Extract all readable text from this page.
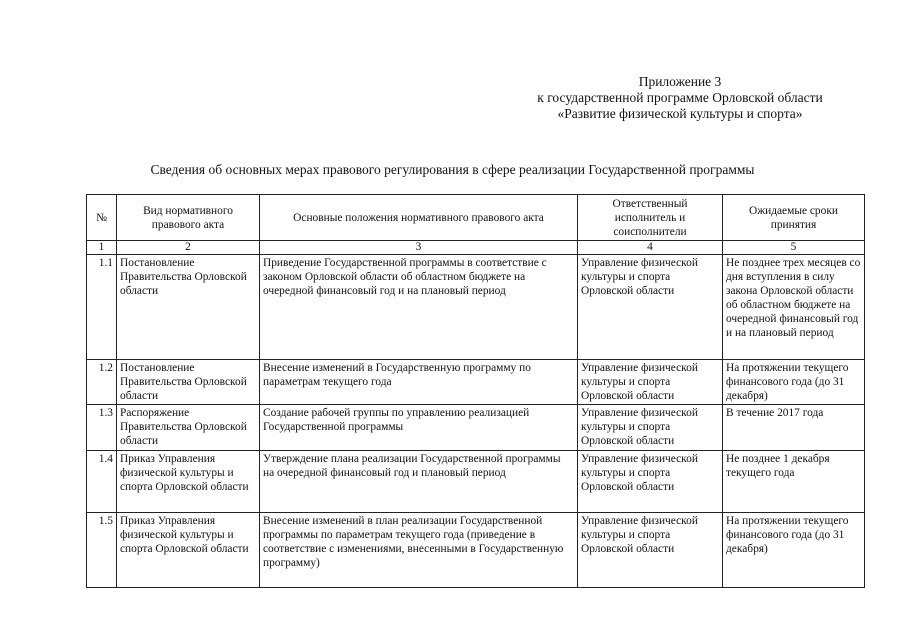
Приложение 3
к государственной программе Орловской области
«Развитие физической культуры и спорта»
Сведения об основных мерах правового регулирования в сфере реализации Государственной программы
№	Вид нормативного правового акта	Основные положения нормативного правового акта	Ответственный исполнитель и соисполнители	Ожидаемые сроки принятия
1	2	3	4	5
1.1	Постановление Правительства Орловской области	Приведение Государственной программы в соответствие с законом Орловской области об областном бюджете на очередной финансовый год и на плановый период	Управление физической культуры и спорта Орловской области	Не позднее трех месяцев со дня вступления в силу закона Орловской области об областном бюджете на очередной финансовый год и на плановый период
1.2	Постановление Правительства Орловской области	Внесение изменений в Государственную программу по параметрам текущего года	Управление физической культуры и спорта Орловской области	На протяжении текущего финансового года (до 31 декабря)
1.3	Распоряжение Правительства Орловской области	Создание рабочей группы по управлению реализацией Государственной программы	Управление физической культуры и спорта Орловской области	В течение 2017 года
1.4	Приказ Управления физической культуры и спорта Орловской области	Утверждение плана реализации Государственной программы на очередной финансовый год и плановый период	Управление физической культуры и спорта Орловской области	Не позднее 1 декабря текущего года
1.5	Приказ Управления физической культуры и спорта Орловской области	Внесение изменений в план реализации Государственной программы по параметрам текущего года (приведение в соответствие с изменениями, внесенными в Государственную программу)	Управление физической культуры и спорта Орловской области	На протяжении текущего финансового года (до 31 декабря)
